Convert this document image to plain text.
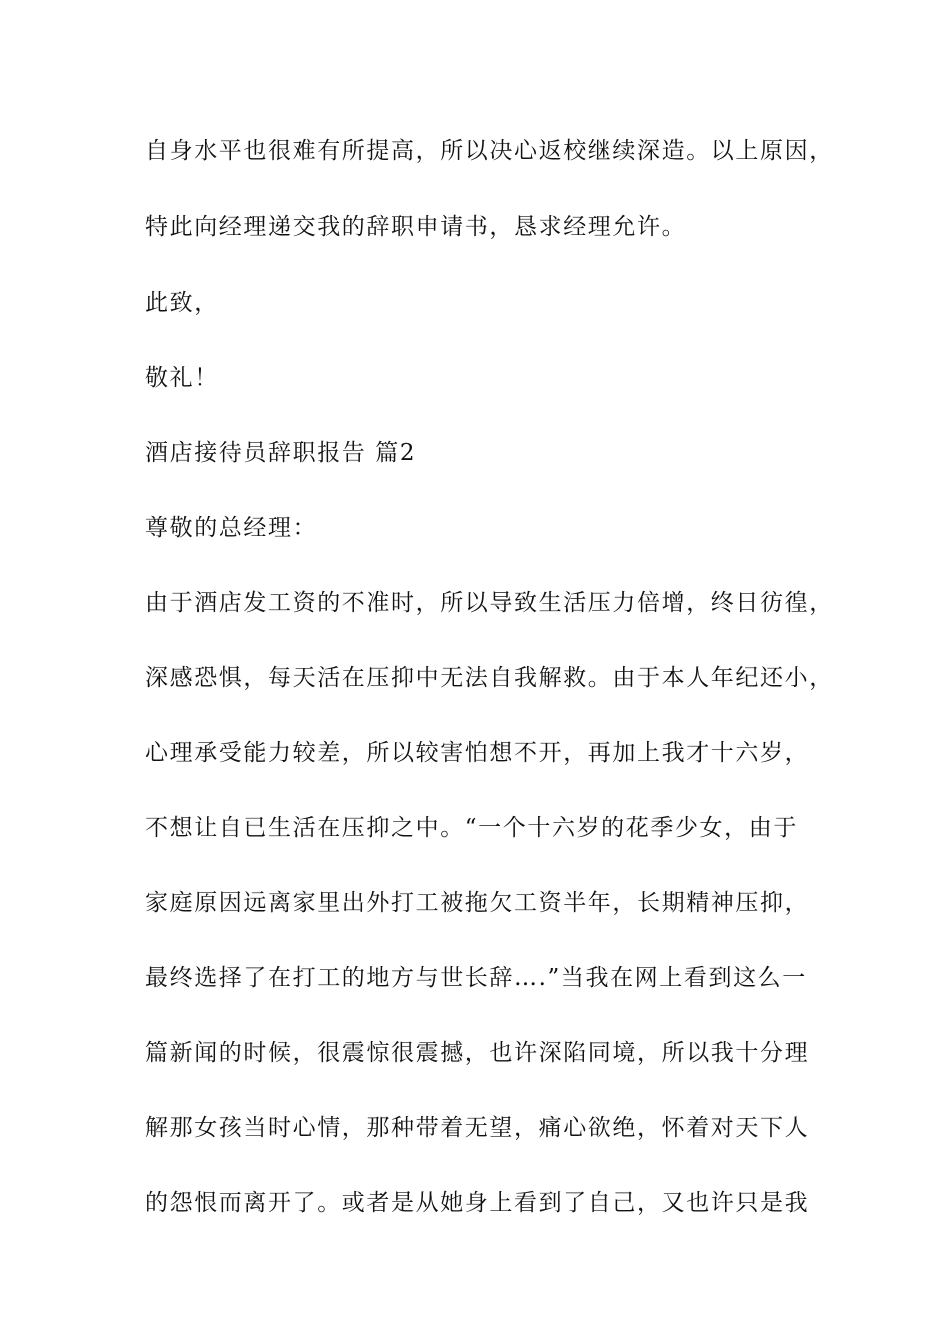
自身水平也很难有所提高，所以决心返校继续深造。以上原因，

特此向经理递交我的辞职申请书，恳求经理允许。

此致，

敬礼！

酒店接待员辞职报告 篇2

尊敬的总经理：

由于酒店发工资的不准时，所以导致生活压力倍增，终日彷徨，

深感恐惧，每天活在压抑中无法自我解救。由于本人年纪还小，

心理承受能力较差，所以较害怕想不开，再加上我才十六岁，

不想让自已生活在压抑之中。“一个十六岁的花季少女，由于

家庭原因远离家里出外打工被拖欠工资半年，长期精神压抑，

最终选择了在打工的地方与世长辞….”当我在网上看到这么一

篇新闻的时候，很震惊很震撼，也许深陷同境，所以我十分理

解那女孩当时心情，那种带着无望，痛心欲绝，怀着对天下人

的怨恨而离开了。或者是从她身上看到了自己，又也许只是我
